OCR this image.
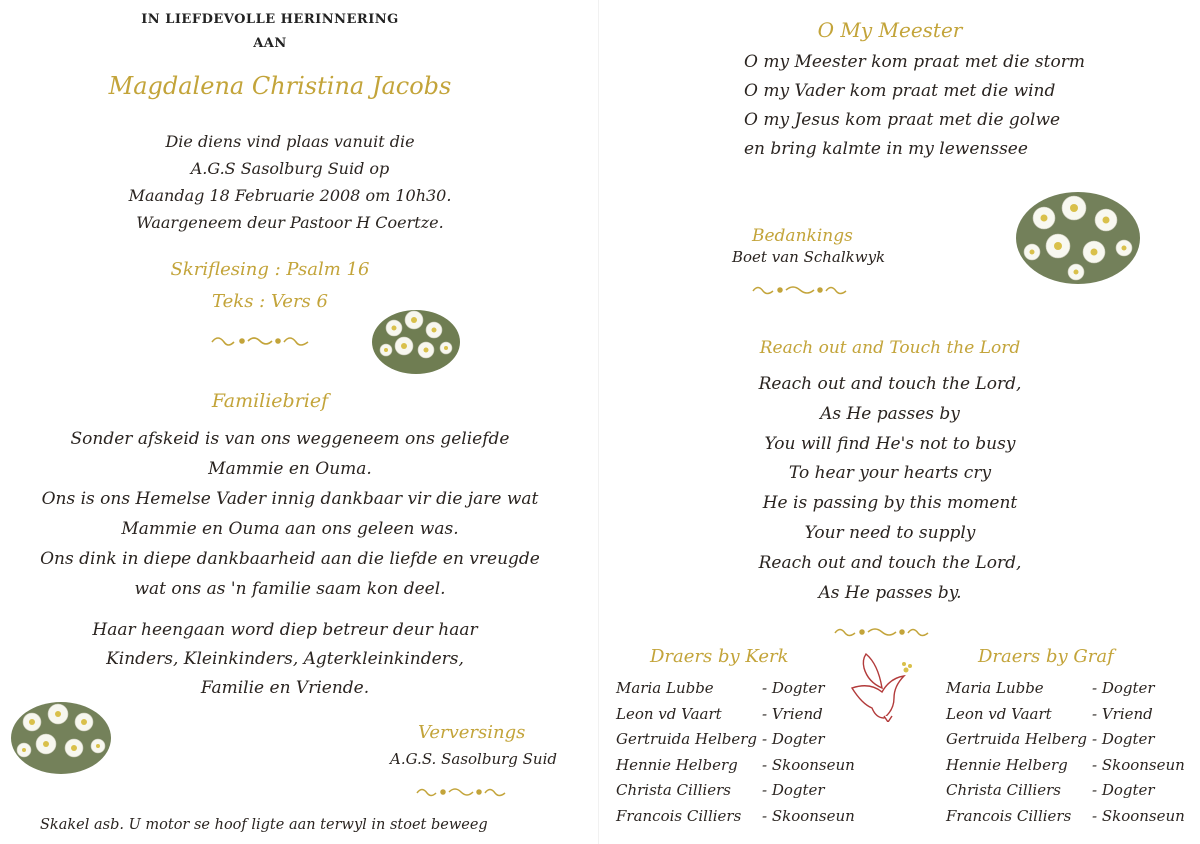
IN LIEFDEVOLLE HERINNERING
AAN
Magdalena Christina Jacobs
Die diens vind plaas vanuit die
A.G.S Sasolburg Suid op
Maandag 18 Februarie 2008 om 10h30.
Waargeneem deur Pastoor H Coertze.
Skriflesing : Psalm 16
Teks : Vers 6
Familiebrief
Sonder afskeid is van ons weggeneem ons geliefde
Mammie en Ouma.
Ons is ons Hemelse Vader innig dankbaar vir die jare wat
Mammie en Ouma aan ons geleen was.
Ons dink in diepe dankbaarheid aan die liefde en vreugde
wat ons as 'n familie saam kon deel.
Haar heengaan word diep betreur deur haar
Kinders, Kleinkinders, Agterkleinkinders,
Familie en Vriende.
Verversings
A.G.S. Sasolburg Suid
Skakel asb. U motor se hoof ligte aan terwyl in stoet beweeg
O My Meester
O my Meester kom praat met die storm
O my Vader kom praat met die wind
O my Jesus kom praat met die golwe
en bring kalmte in my lewenssee
Bedankings
Boet van Schalkwyk
Reach out and Touch the Lord
Reach out and touch the Lord,
As He passes by
You will find He's not to busy
To hear your hearts cry
He is passing by this moment
Your need to supply
Reach out and touch the Lord,
As He passes by.
Draers by Kerk	Draers by Graf
Maria Lubbe
Leon vd Vaart
Gertruida Helberg
Hennie Helberg
Christa Cilliers
Francois Cilliers
- Dogter
- Vriend
- Dogter
- Skoonseun
- Dogter
- Skoonseun
Maria Lubbe
Leon vd Vaart
Gertruida Helberg
Hennie Helberg
Christa Cilliers
Francois Cilliers
- Dogter
- Vriend
- Dogter
- Skoonseun
- Dogter
- Skoonseun
